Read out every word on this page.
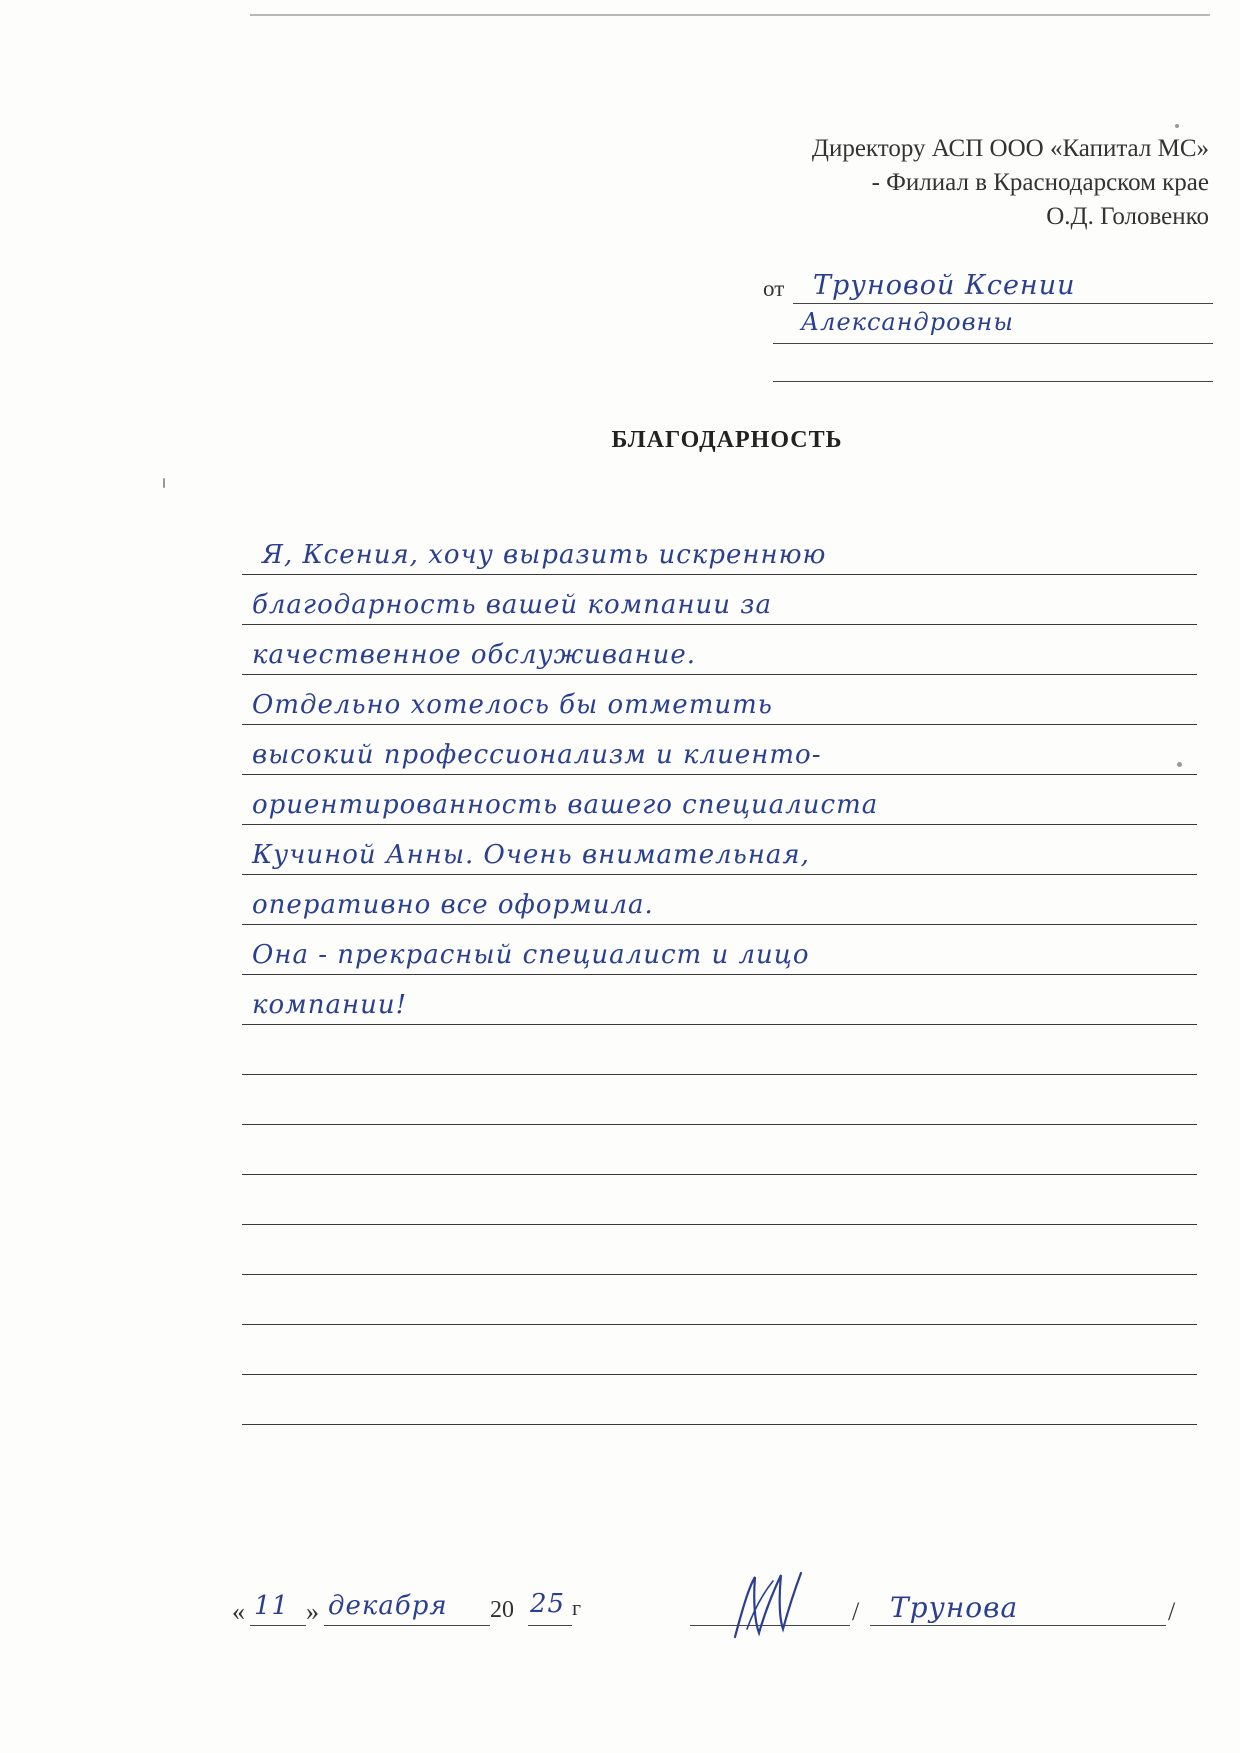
Директору АСП ООО «Капитал МС»
- Филиал в Краснодарском крае
О.Д. Головенко
от Труновой Ксении
Александровны
БЛАГОДАРНОСТЬ
Я, Ксения, хочу выразить искреннюю
благодарность вашей компании за
качественное обслуживание.
Отдельно хотелось бы отметить
высокий профессионализм и клиенто-
ориентированность вашего специалиста
Кучиной Анны. Очень внимательная,
оперативно все оформила.
Она - прекрасный специалист и лицо
компании!
« 11 » декабря 20 25 г	/ Трунова	/
